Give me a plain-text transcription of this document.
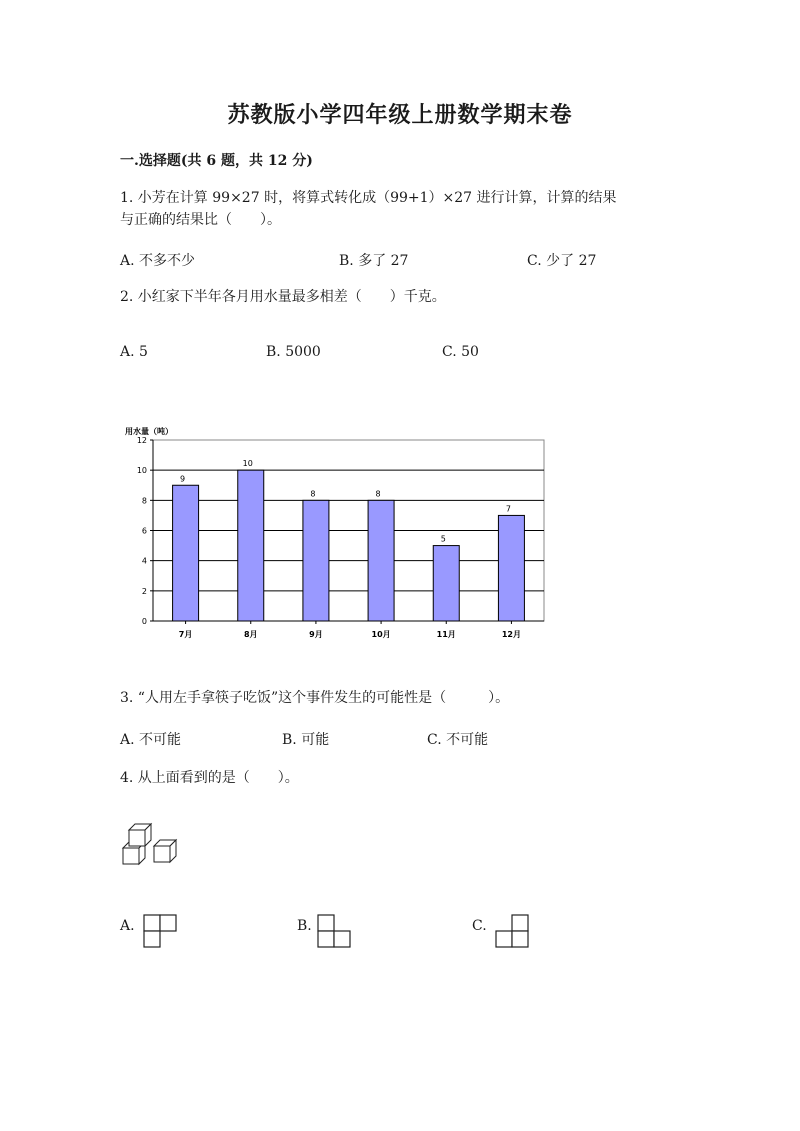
苏教版小学四年级上册数学期末卷
一.选择题(共 6 题，共 12 分)
1. 小芳在计算 99×27 时，将算式转化成（99+1）×27 进行计算，计算的结果
与正确的结果比（　　）。
A. 不多不少	B. 多了 27	C. 少了 27
2. 小红家下半年各月用水量最多相差（　　）千克。
A. 5	B. 5000	C. 50
用水量（吨）
0
2
4
6
8
10
12
9
7月
10
8月
8
9月
8
10月
5
11月
7
12月
3. “人用左手拿筷子吃饭”这个事件发生的可能性是（　　　）。
A. 不可能	B. 可能	C. 不可能
4. 从上面看到的是（　　）。
A.	B.	C.
